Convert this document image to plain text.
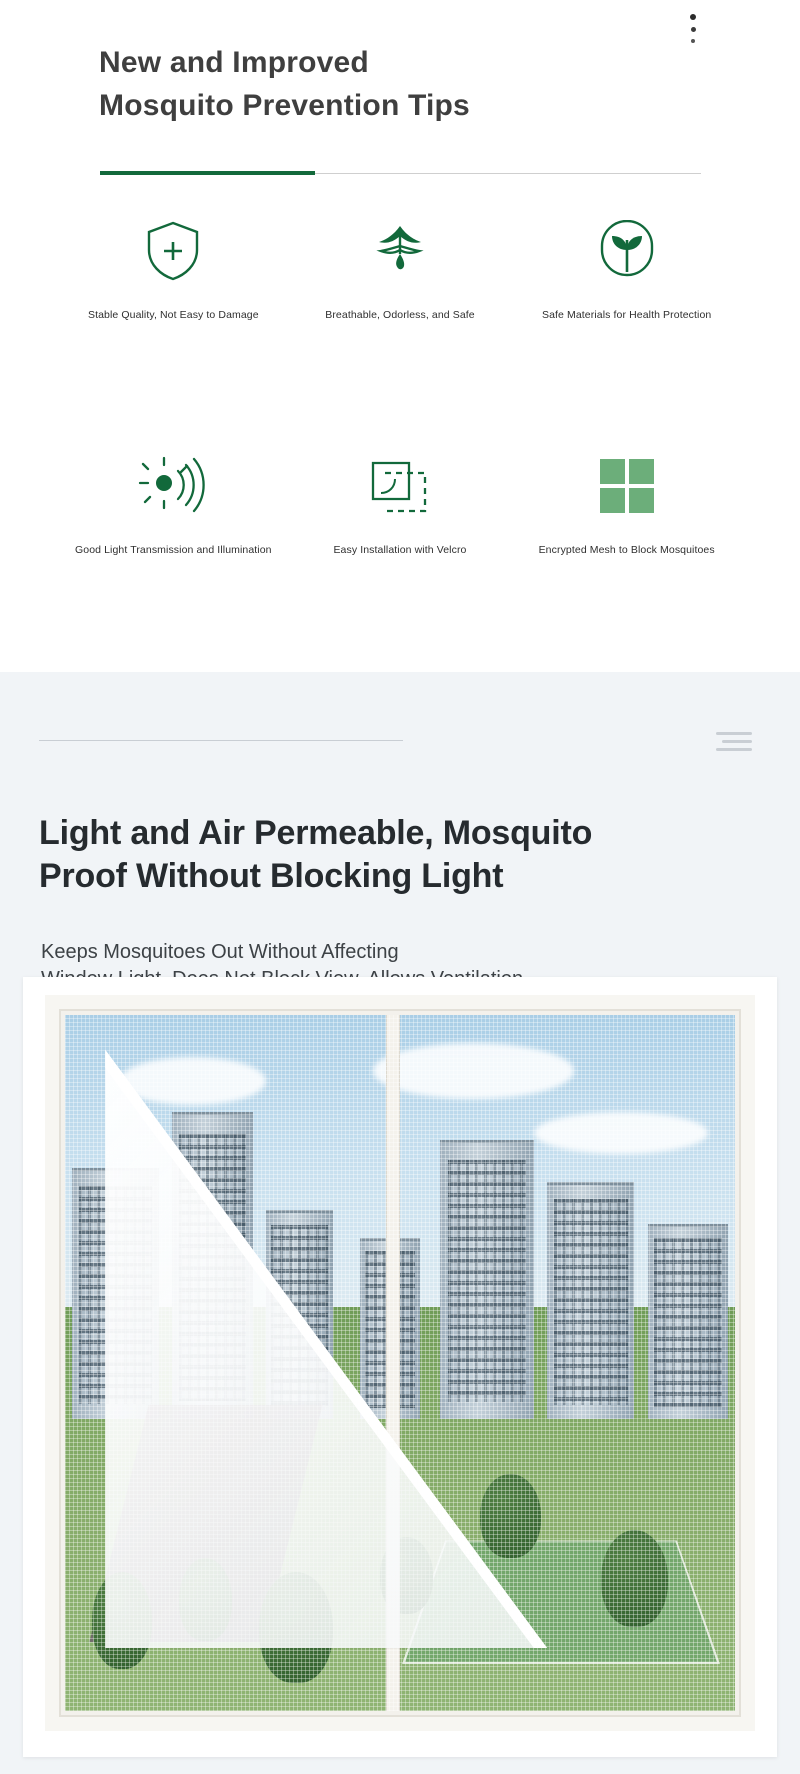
New and Improved
Mosquito Prevention Tips
Stable Quality, Not Easy to Damage	Breathable, Odorless, and Safe	Safe Materials for Health Protection
Good Light Transmission and Illumination	Easy Installation with Velcro	Encrypted Mesh to Block Mosquitoes
Light and Air Permeable, Mosquito
Proof Without Blocking Light
Keeps Mosquitoes Out Without Affecting
